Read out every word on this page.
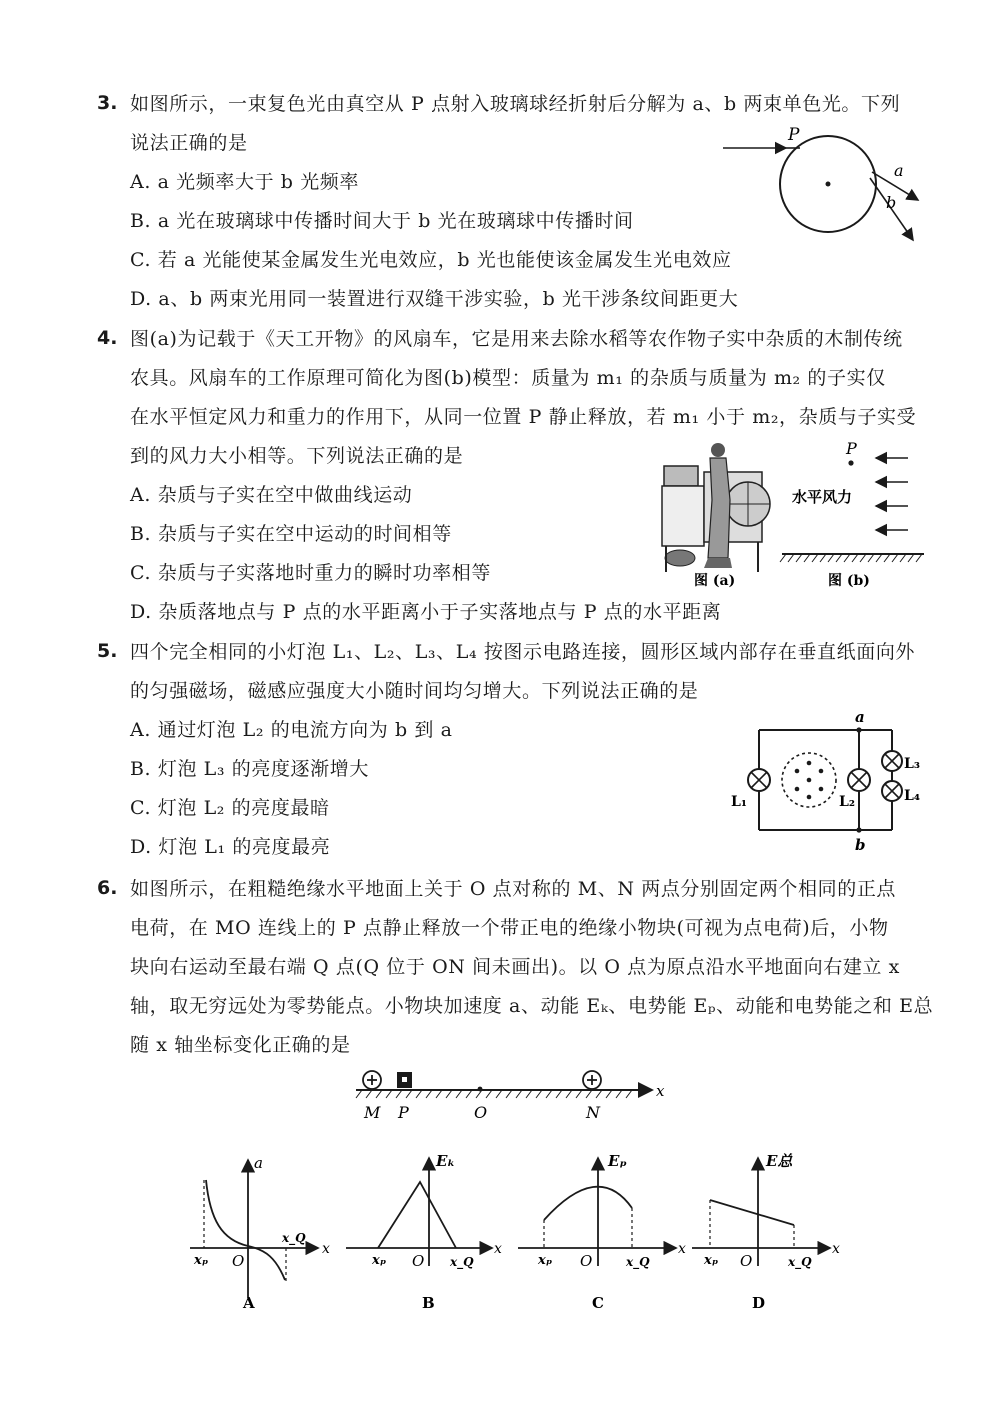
3. 如图所示，一束复色光由真空从 P 点射入玻璃球经折射后分解为 a、b 两束单色光。下列
说法正确的是
A. a 光频率大于 b 光频率
B. a 光在玻璃球中传播时间大于 b 光在玻璃球中传播时间
C. 若 a 光能使某金属发生光电效应，b 光也能使该金属发生光电效应
D. a、b 两束光用同一装置进行双缝干涉实验，b 光干涉条纹间距更大
P
a
b
4. 图(a)为记载于《天工开物》的风扇车，它是用来去除水稻等农作物子实中杂质的木制传统
农具。风扇车的工作原理可简化为图(b)模型：质量为 m₁ 的杂质与质量为 m₂ 的子实仅
在水平恒定风力和重力的作用下，从同一位置 P 静止释放，若 m₁ 小于 m₂，杂质与子实受
到的风力大小相等。下列说法正确的是
A. 杂质与子实在空中做曲线运动
B. 杂质与子实在空中运动的时间相等
C. 杂质与子实落地时重力的瞬时功率相等
D. 杂质落地点与 P 点的水平距离小于子实落地点与 P 点的水平距离
图 (a)
P
水平风力
图 (b)
5. 四个完全相同的小灯泡 L₁、L₂、L₃、L₄ 按图示电路连接，圆形区域内部存在垂直纸面向外
的匀强磁场，磁感应强度大小随时间均匀增大。下列说法正确的是
A. 通过灯泡 L₂ 的电流方向为 b 到 a
B. 灯泡 L₃ 的亮度逐渐增大
C. 灯泡 L₂ 的亮度最暗
D. 灯泡 L₁ 的亮度最亮
a
b
L₁	L₂
L₃
L₄
6. 如图所示，在粗糙绝缘水平地面上关于 O 点对称的 M、N 两点分别固定两个相同的正点
电荷，在 MO 连线上的 P 点静止释放一个带正电的绝缘小物块(可视为点电荷)后，小物
块向右运动至最右端 Q 点(Q 位于 ON 间未画出)。以 O 点为原点沿水平地面向右建立 x
轴，取无穷远处为零势能点。小物块加速度 a、动能 Eₖ、电势能 Eₚ、动能和电势能之和 E总
随 x 轴坐标变化正确的是
M P	O	N
x
a
xₚ O
x_Q
x
A
Eₖ
xₚ O x_Q
x
B
Eₚ
xₚ O	x_Q
x
C
E总
xₚ O	x_Q
x
D
